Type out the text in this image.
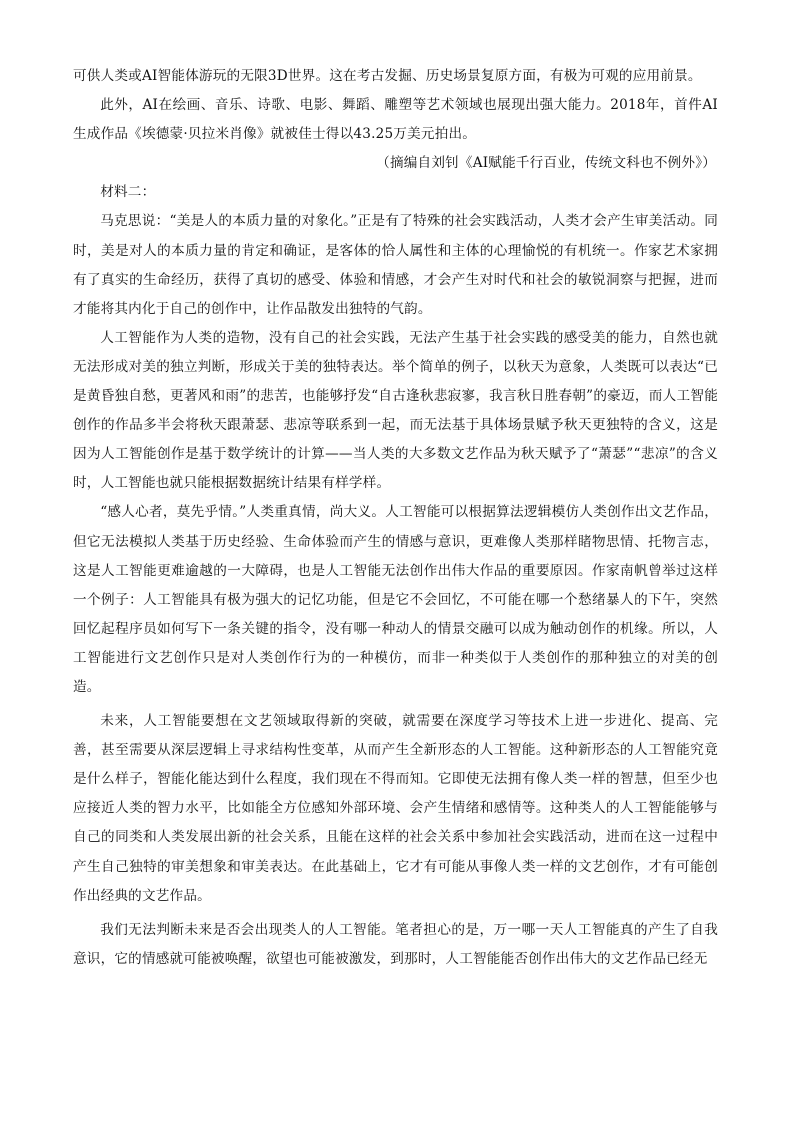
可供人类或AI智能体游玩的无限3D世界。这在考古发掘、历史场景复原方面，有极为可观的应用前景。

此外，AI在绘画、音乐、诗歌、电影、舞蹈、雕塑等艺术领域也展现出强大能力。2018年，首件AI生成作品《埃德蒙·贝拉米肖像》就被佳士得以43.25万美元拍出。

（摘编自刘钊《AI赋能千行百业，传统文科也不例外》）

材料二：

马克思说：“美是人的本质力量的对象化。”正是有了特殊的社会实践活动，人类才会产生审美活动。同时，美是对人的本质力量的肯定和确证，是客体的恰人属性和主体的心理愉悦的有机统一。作家艺术家拥有了真实的生命经历，获得了真切的感受、体验和情感，才会产生对时代和社会的敏锐洞察与把握，进而才能将其内化于自己的创作中，让作品散发出独特的气韵。

人工智能作为人类的造物，没有自己的社会实践，无法产生基于社会实践的感受美的能力，自然也就无法形成对美的独立判断，形成关于美的独特表达。举个简单的例子，以秋天为意象，人类既可以表达“已是黄昏独自愁，更著风和雨”的悲苦，也能够抒发“自古逢秋悲寂寥，我言秋日胜春朝”的豪迈，而人工智能创作的作品多半会将秋天跟萧瑟、悲凉等联系到一起，而无法基于具体场景赋予秋天更独特的含义，这是因为人工智能创作是基于数学统计的计算——当人类的大多数文艺作品为秋天赋予了“萧瑟”“悲凉”的含义时，人工智能也就只能根据数据统计结果有样学样。

“感人心者，莫先乎情。”人类重真情，尚大义。人工智能可以根据算法逻辑模仿人类创作出文艺作品，但它无法模拟人类基于历史经验、生命体验而产生的情感与意识，更难像人类那样睹物思情、托物言志，这是人工智能更难逾越的一大障碍，也是人工智能无法创作出伟大作品的重要原因。作家南帆曾举过这样一个例子：人工智能具有极为强大的记忆功能，但是它不会回忆，不可能在哪一个愁绪暴人的下午，突然回忆起程序员如何写下一条关键的指令，没有哪一种动人的情景交融可以成为触动创作的机缘。所以，人工智能进行文艺创作只是对人类创作行为的一种模仿，而非一种类似于人类创作的那种独立的对美的创造。

未来，人工智能要想在文艺领域取得新的突破，就需要在深度学习等技术上进一步进化、提高、完善，甚至需要从深层逻辑上寻求结构性变革，从而产生全新形态的人工智能。这种新形态的人工智能究竟是什么样子，智能化能达到什么程度，我们现在不得而知。它即使无法拥有像人类一样的智慧，但至少也应接近人类的智力水平，比如能全方位感知外部环境、会产生情绪和感情等。这种类人的人工智能能够与自己的同类和人类发展出新的社会关系，且能在这样的社会关系中参加社会实践活动，进而在这一过程中产生自己独特的审美想象和审美表达。在此基础上，它才有可能从事像人类一样的文艺创作，才有可能创作出经典的文艺作品。

我们无法判断未来是否会出现类人的人工智能。笔者担心的是，万一哪一天人工智能真的产生了自我意识，它的情感就可能被唤醒，欲望也可能被激发，到那时，人工智能能否创作出伟大的文艺作品已经无
